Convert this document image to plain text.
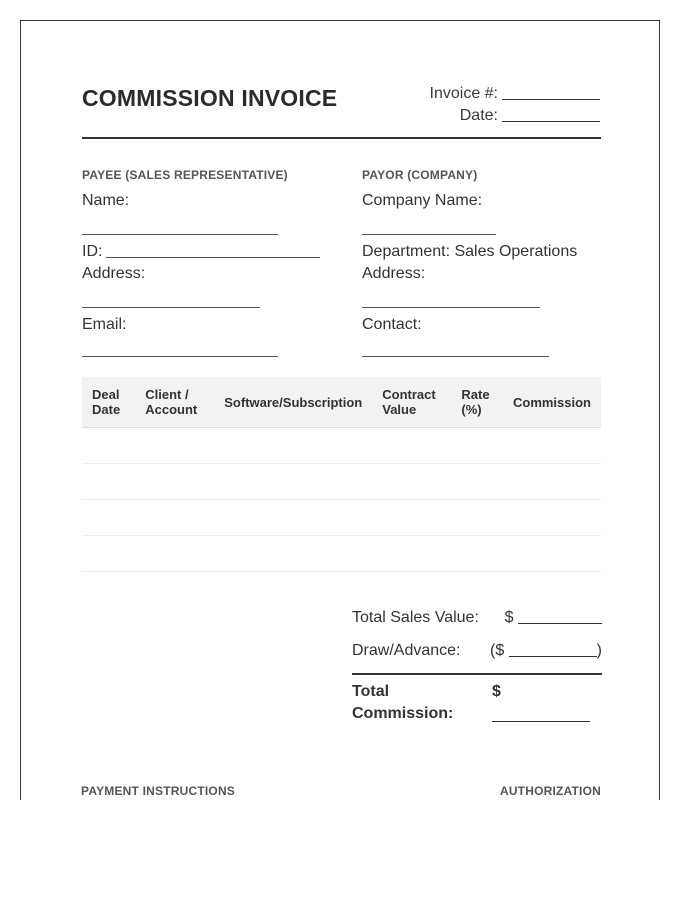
COMMISSION INVOICE	Invoice #:
Date:
PAYEE (SALES REPRESENTATIVE)
Name:
ID:
Address:
Email:
PAYOR (COMPANY)
Company Name:
Department: Sales Operations
Address:
Contact:
Deal Date	Client / Account	Software/Subscription	Contract Value	Rate (%)	Commission

Total Sales Value: $
Draw/Advance: ($	)
Total Commission:
$
PAYMENT INSTRUCTIONS	AUTHORIZATION
